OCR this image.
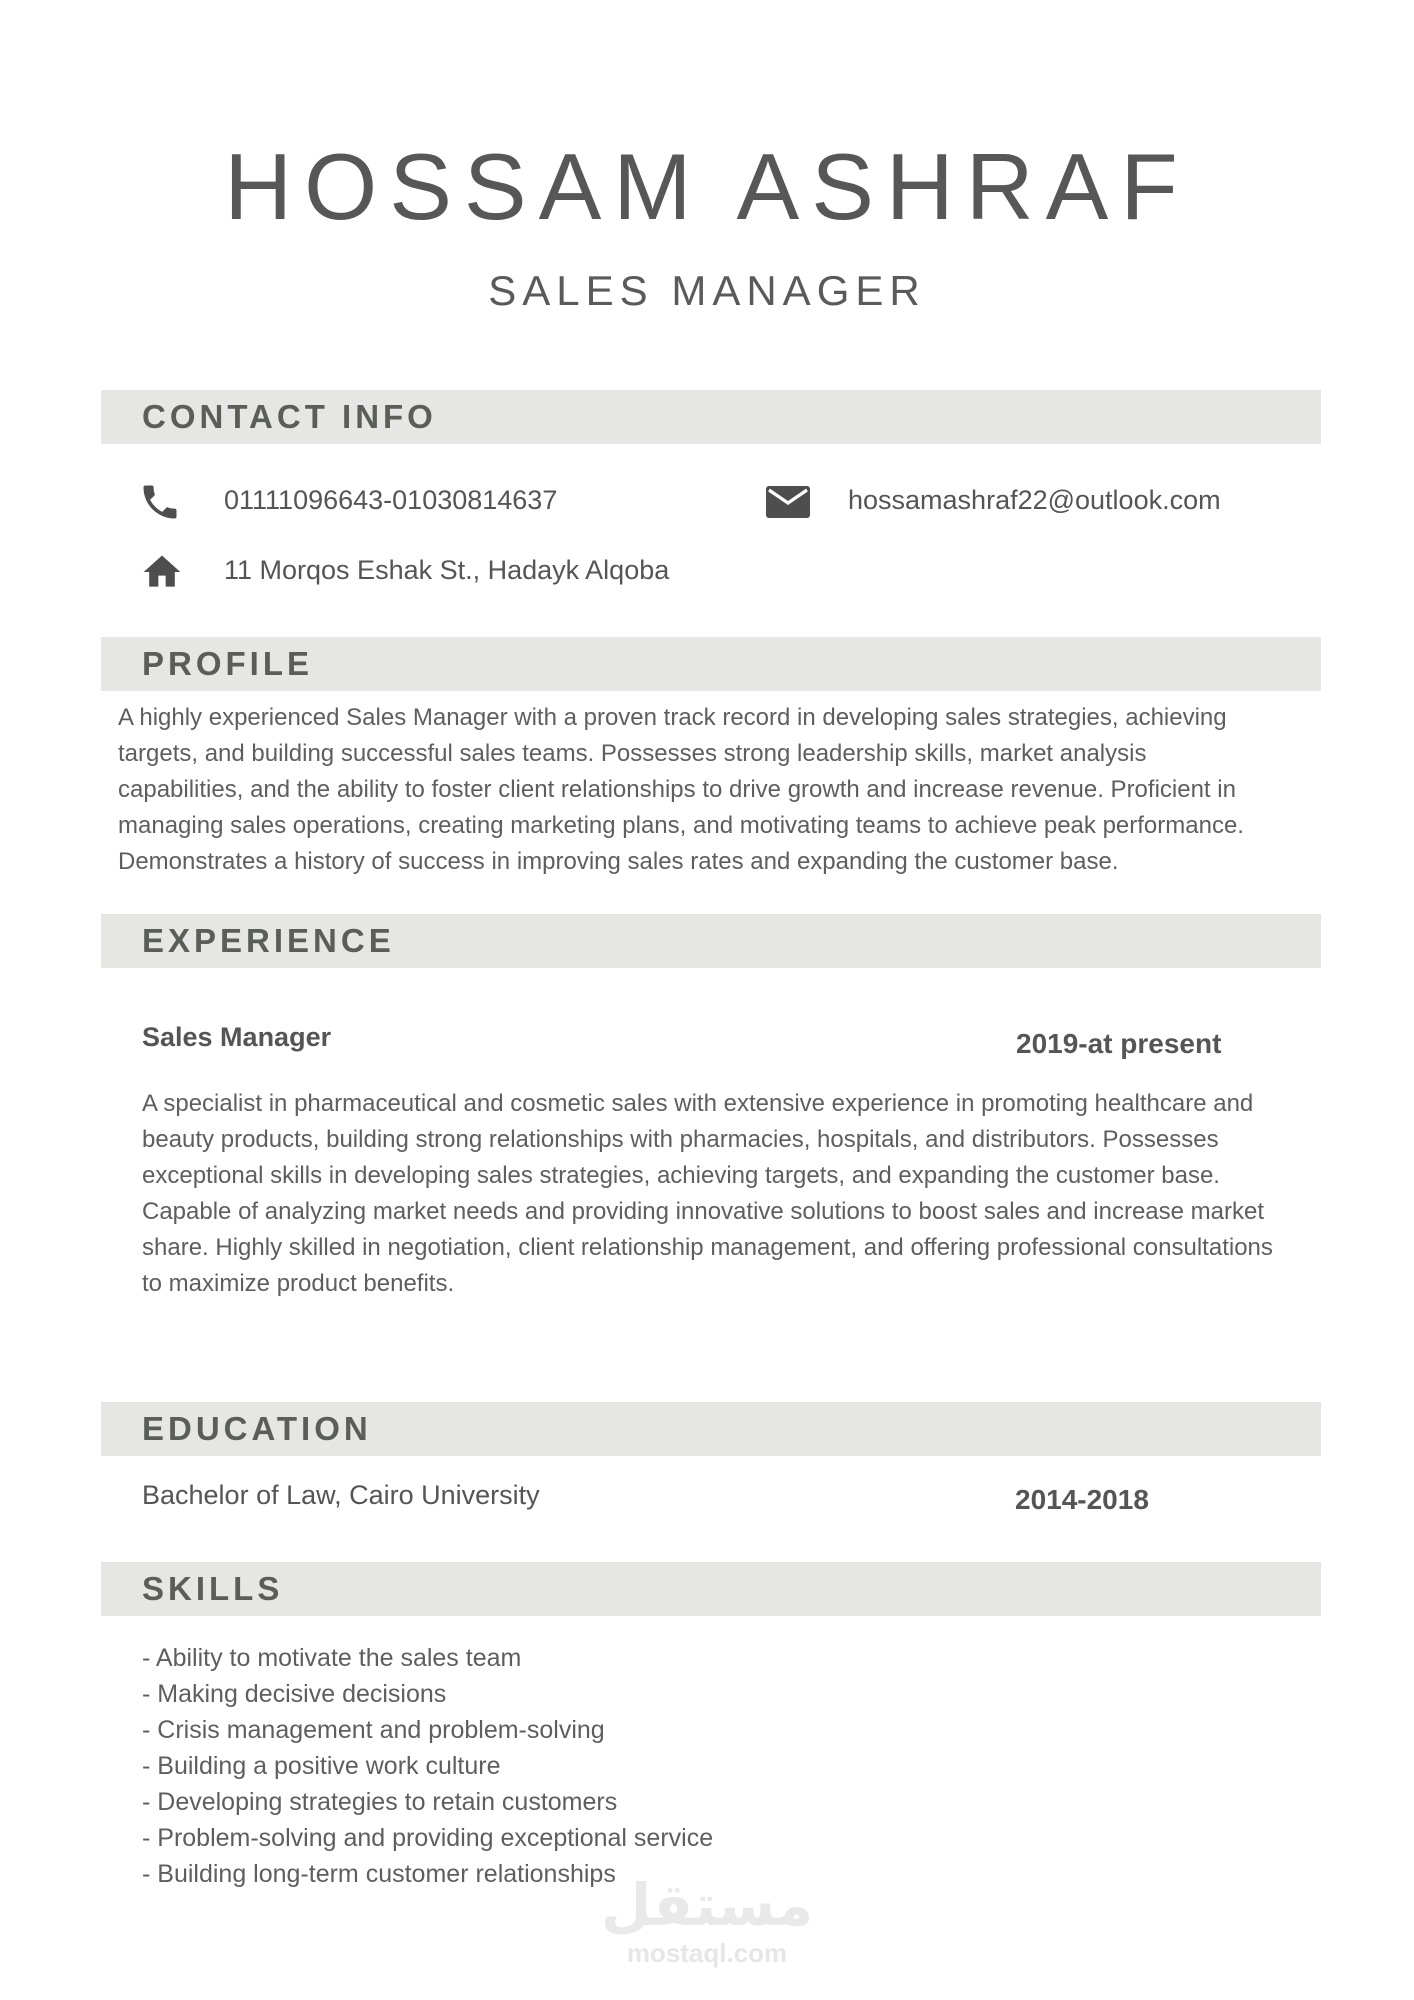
HOSSAM ASHRAF
SALES MANAGER
CONTACT INFO
01111096643-01030814637	hossamashraf22@outlook.com
11 Morqos Eshak St., Hadayk Alqoba
PROFILE

A highly experienced Sales Manager with a proven track record in developing sales strategies, achieving targets, and building successful sales teams. Possesses strong leadership skills, market analysis capabilities, and the ability to foster client relationships to drive growth and increase revenue. Proficient in managing sales operations, creating marketing plans, and motivating teams to achieve peak performance. Demonstrates a history of success in improving sales rates and expanding the customer base.

EXPERIENCE
Sales Manager	2019-at present

A specialist in pharmaceutical and cosmetic sales with extensive experience in promoting healthcare and beauty products, building strong relationships with pharmacies, hospitals, and distributors. Possesses exceptional skills in developing sales strategies, achieving targets, and expanding the customer base. Capable of analyzing market needs and providing innovative solutions to boost sales and increase market share. Highly skilled in negotiation, client relationship management, and offering professional consultations to maximize product benefits.

EDUCATION
Bachelor of Law, Cairo University	2014-2018
SKILLS
- Ability to motivate the sales team
- Making decisive decisions
- Crisis management and problem-solving
- Building a positive work culture
- Developing strategies to retain customers
- Problem-solving and providing exceptional service
- Building long-term customer relationships
مستقل
mostaql.com
